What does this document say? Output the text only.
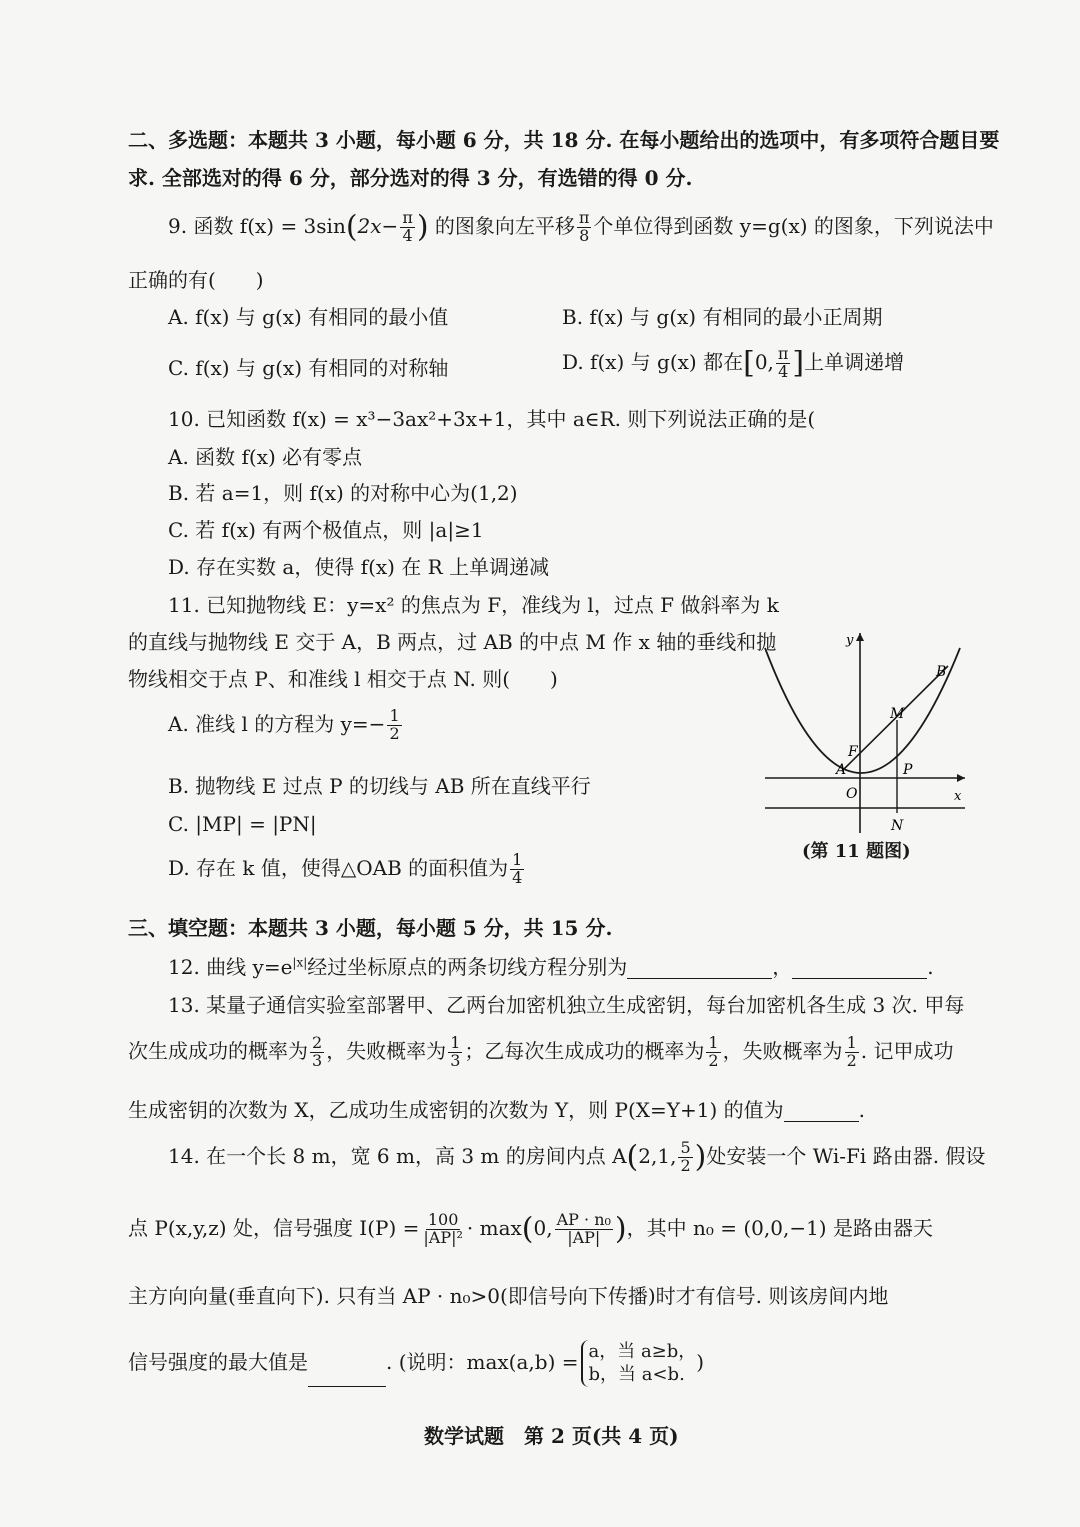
二、多选题：本题共 3 小题，每小题 6 分，共 18 分. 在每小题给出的选项中，有多项符合题目要
求. 全部选对的得 6 分，部分选对的得 3 分，有选错的得 0 分.
9. 函数 $f(x) = 3\sin(2x- \frac{\pi}{4}$ ) 的图象向左平移 $\frac{\pi}{8}$ 个单位得到函数 y=g(x) 的图象，下列说法中
正确的有(　　)
A. f(x) 与 g(x) 有相同的最小值	B. f(x) 与 g(x) 有相同的最小正周期
C. f(x) 与 g(x) 有相同的对称轴	D. f(x) 与 g(x) 都在[0, $\frac{\pi}{4}$ ]上单调递增
10. 已知函数 f(x) = x³−3ax²+3x+1，其中 a∈R. 则下列说法正确的是(
A. 函数 f(x) 必有零点
B. 若 a=1，则 f(x) 的对称中心为(1,2)
C. 若 f(x) 有两个极值点，则 |a|≥1
D. 存在实数 a，使得 f(x) 在 R 上单调递减
11. 已知抛物线 E：y=x² 的焦点为 F，准线为 l，过点 F 做斜率为 k
的直线与抛物线 E 交于 A，B 两点，过 AB 的中点 M 作 x 轴的垂线和抛
物线相交于点 P、和准线 l 相交于点 N. 则(　　)
A. 准线 l 的方程为 $y=- \frac{1}{2}$
B. 抛物线 E 过点 P 的切线与 AB 所在直线平行
C. |MP| = |PN|
D. 存在 k 值，使得△OAB 的面积值为 $\frac{1}{4}$
y
x
O
A
B
F
M
P
N
(第 11 题图)
三、填空题：本题共 3 小题，每小题 5 分，共 15 分.
12. 曲线 $y=e^{|x|}$经过坐标原点的两条切线方程分别为	，	.
13. 某量子通信实验室部署甲、乙两台加密机独立生成密钥，每台加密机各生成 3 次. 甲每
次生成成功的概率为 $\frac{2}{3}$ ，失败概率为 $\frac{1}{3}$ ；乙每次生成成功的概率为 $\frac{1}{2}$ ，失败概率为 $\frac{1}{2}$ . 记甲成功
生成密钥的次数为 X，乙成功生成密钥的次数为 Y，则 P(X=Y+1) 的值为	.
14. 在一个长 8 m，宽 6 m，高 3 m 的房间内点 A(2,1, $\frac{5}{2}$ )处安装一个 Wi-Fi 路由器. 假设
点 P(x,y,z) 处，信号强度 $I(P) = \frac{100}{\text{|AP|²}} \cdot \max(0$, $\frac{\text{AP · n₀}}{|AP|}$ )，其中 n₀ = (0,0,−1) 是路由器天
主方向向量(垂直向下). 只有当 AP · n₀>0(即信号向下传播)时才有信号. 则该房间内地
信号强度的最大值是	. (说明：max(a,b) = a，当 a≥b，
b，当 a<b.
)
数学试题　第 2 页(共 4 页)
